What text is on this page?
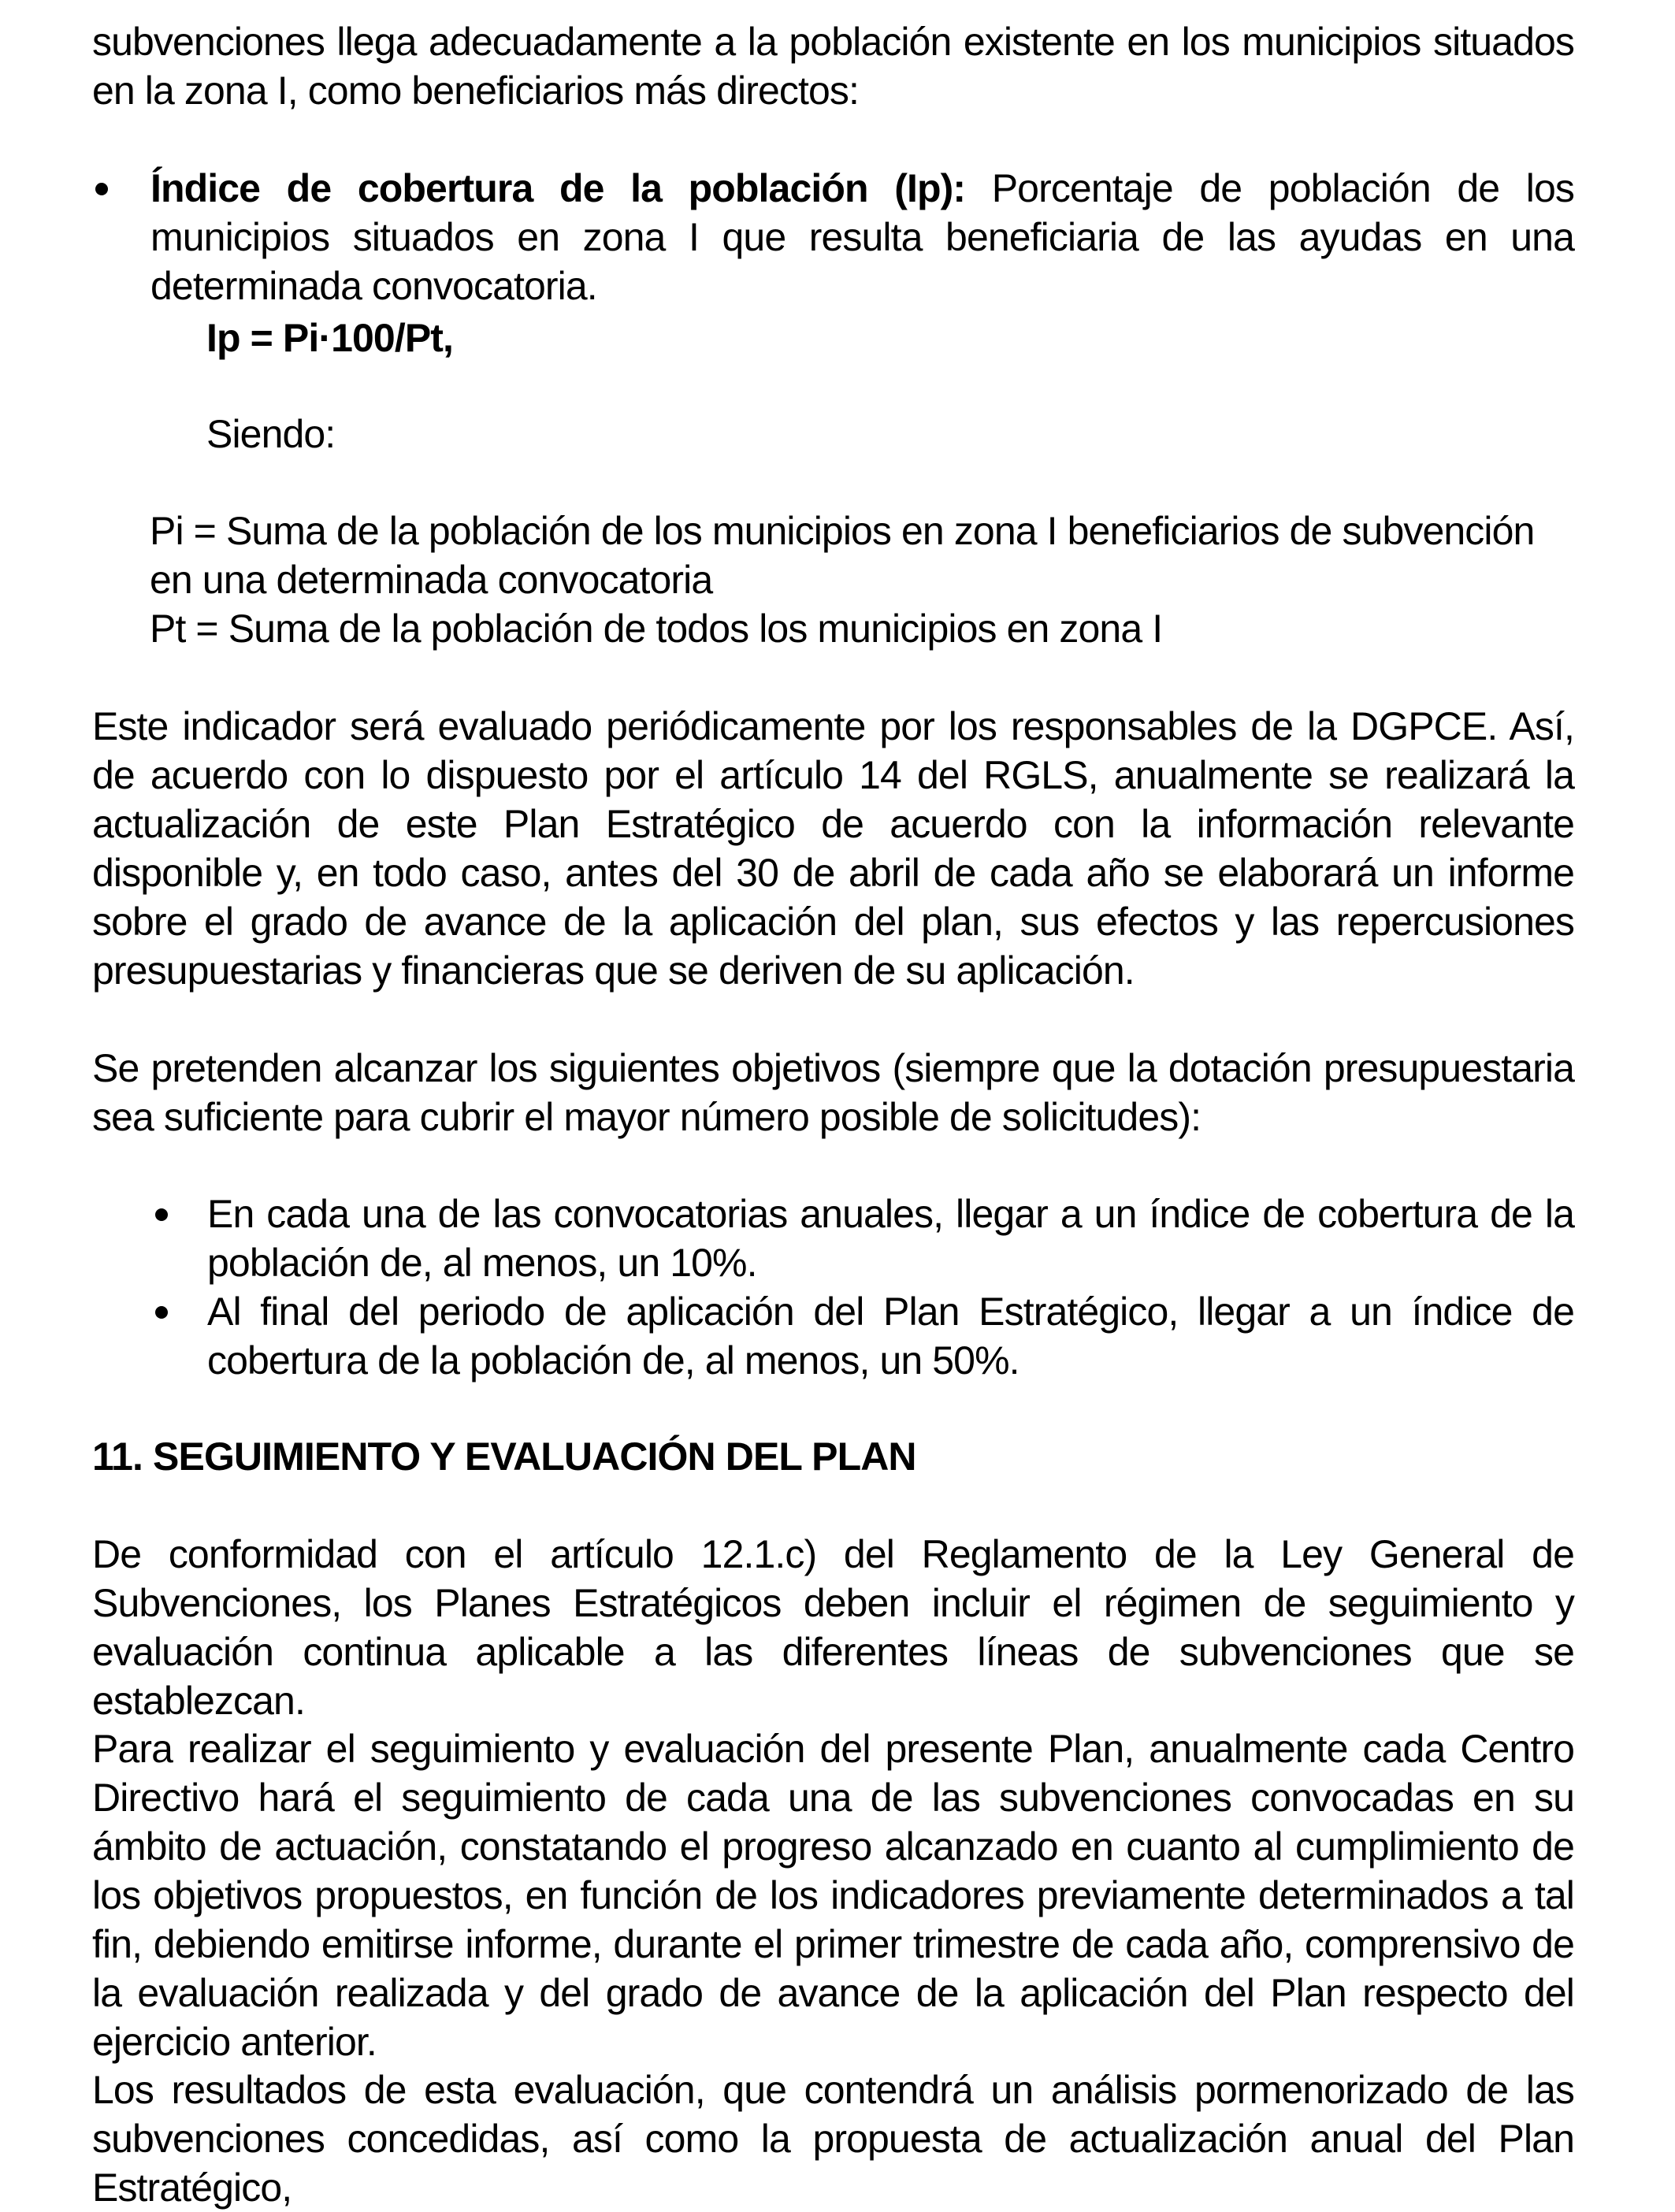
subvenciones llega adecuadamente a la población existente en los municipios situados en la zona I, como beneficiarios más directos:

Índice de cobertura de la población (Ip): Porcentaje de población de los municipios situados en zona I que resulta beneficiaria de las ayudas en una determinada convocatoria.

Ip = Pi·100/Pt,
Siendo:

Pi = Suma de la población de los municipios en zona I beneficiarios de subvención en una determinada convocatoria

Pt = Suma de la población de todos los municipios en zona I

Este indicador será evaluado periódicamente por los responsables de la DGPCE. Así, de acuerdo con lo dispuesto por el artículo 14 del RGLS, anualmente se realizará la actualización de este Plan Estratégico de acuerdo con la información relevante disponible y, en todo caso, antes del 30 de abril de cada año se elaborará un informe sobre el grado de avance de la aplicación del plan, sus efectos y las repercusiones presupuestarias y financieras que se deriven de su aplicación.

Se pretenden alcanzar los siguientes objetivos (siempre que la dotación presupuestaria sea suficiente para cubrir el mayor número posible de solicitudes):

En cada una de las convocatorias anuales, llegar a un índice de cobertura de la población de, al menos, un 10%.

Al final del periodo de aplicación del Plan Estratégico, llegar a un índice de cobertura de la población de, al menos, un 50%.

11. SEGUIMIENTO Y EVALUACIÓN DEL PLAN

De conformidad con el artículo 12.1.c) del Reglamento de la Ley General de Subvenciones, los Planes Estratégicos deben incluir el régimen de seguimiento y evaluación continua aplicable a las diferentes líneas de subvenciones que se establezcan.

Para realizar el seguimiento y evaluación del presente Plan, anualmente cada Centro Directivo hará el seguimiento de cada una de las subvenciones convocadas en su ámbito de actuación, constatando el progreso alcanzado en cuanto al cumplimiento de los objetivos propuestos, en función de los indicadores previamente determinados a tal fin, debiendo emitirse informe, durante el primer trimestre de cada año, comprensivo de la evaluación realizada y del grado de avance de la aplicación del Plan respecto del ejercicio anterior.

Los resultados de esta evaluación, que contendrá un análisis pormenorizado de las subvenciones concedidas, así como la propuesta de actualización anual del Plan Estratégico,
